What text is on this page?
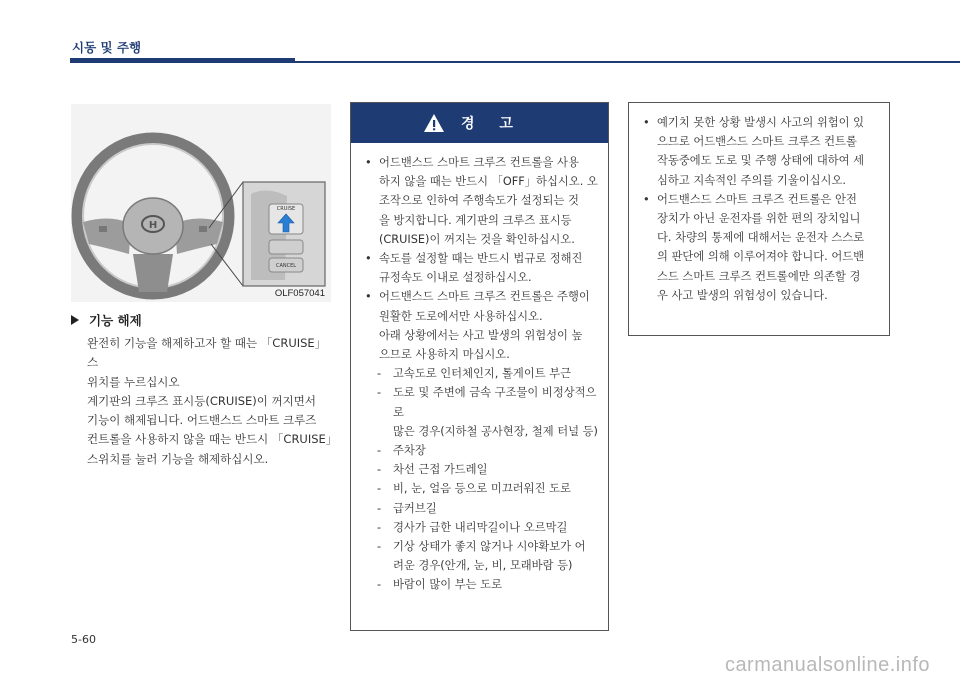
시동 및 주행
H
CRUISE
CANCEL
OLF057041
기능 해제

완전히 기능을 해제하고자 할 때는 「CRUISE」스

위치를 누르십시오

계기판의 크루즈 표시등(CRUISE)이 꺼지면서

기능이 해제됩니다. 어드밴스드 스마트 크루즈

컨트롤을 사용하지 않을 때는 반드시 「CRUISE」

스위치를 눌러 기능을 해제하십시오.

경 고
• 어드밴스드 스마트 크루즈 컨트롤을 사용
하지 않을 때는 반드시 「OFF」하십시오. 오
조작으로 인하여 주행속도가 설정되는 것
을 방지합니다. 계기판의 크루즈 표시등
(CRUISE)이 꺼지는 것을 확인하십시오.
• 속도를 설정할 때는 반드시 법규로 정해진
규정속도 이내로 설정하십시오.
• 어드밴스드 스마트 크루즈 컨트롤은 주행이
원활한 도로에서만 사용하십시오.
아래 상황에서는 사고 발생의 위험성이 높
으므로 사용하지 마십시오.
- 고속도로 인터체인지, 톨게이트 부근
- 도로 및 주변에 금속 구조물이 비정상적으로
많은 경우(지하철 공사현장, 철제 터널 등)
- 주차장
- 차선 근접 가드레일
- 비, 눈, 얼음 등으로 미끄러워진 도로
- 급커브길
- 경사가 급한 내리막길이나 오르막길
- 기상 상태가 좋지 않거나 시야확보가 어
려운 경우(안개, 눈, 비, 모래바람 등)
- 바람이 많이 부는 도로
• 예기치 못한 상황 발생시 사고의 위험이 있
으므로 어드밴스드 스마트 크루즈 컨트롤
작동중에도 도로 및 주행 상태에 대하여 세
심하고 지속적인 주의를 기울이십시오.
• 어드밴스드 스마트 크루즈 컨트롤은 안전
장치가 아닌 운전자를 위한 편의 장치입니
다. 차량의 통제에 대해서는 운전자 스스로
의 판단에 의해 이루어져야 합니다. 어드밴
스드 스마트 크루즈 컨트롤에만 의존할 경
우 사고 발생의 위험성이 있습니다.
5-60
carmanualsonline.info
